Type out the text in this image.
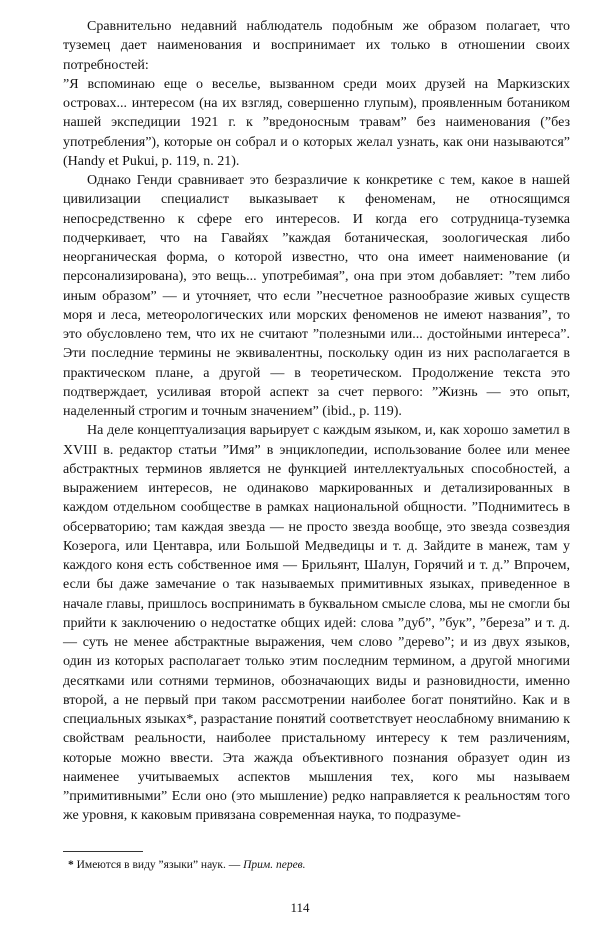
Сравнительно недавний наблюдатель подобным же образом полагает, что туземец дает наименования и воспринимает их только в отношении своих потребностей:

”Я вспоминаю еще о веселье, вызванном среди моих друзей на Маркизских островах... интересом (на их взгляд, совершенно глупым), проявленным ботаником нашей экспедиции 1921 г. к ”вредоносным травам” без наименования (”без употребления”), которые он собрал и о которых желал узнать, как они называются” (Handy et Pukui, p. 119, n. 21).

Однако Генди сравнивает это безразличие к конкретике с тем, какое в нашей цивилизации специалист выказывает к феноменам, не относящимся непосредственно к сфере его интересов. И когда его сотрудница-туземка подчеркивает, что на Гавайях ”каждая ботаническая, зоологическая либо неорганическая форма, о которой известно, что она имеет наименование (и персонализирована), это вещь... употребимая”, она при этом добавляет: ”тем либо иным образом” — и уточняет, что если ”несчетное разнообразие живых существ моря и леса, метеорологических или морских феноменов не имеют названия”, то это обусловлено тем, что их не считают ”полезными или... достойными интереса”. Эти последние термины не эквивалентны, поскольку один из них располагается в практическом плане, а другой — в теоретическом. Продолжение текста это подтверждает, усиливая второй аспект за счет первого: ”Жизнь — это опыт, наделенный строгим и точным значением” (ibid., p. 119).

На деле концептуализация варьирует с каждым языком, и, как хорошо заметил в XVIII в. редактор статьи ”Имя” в энциклопедии, использование более или менее абстрактных терминов является не функцией интеллектуальных способностей, а выражением интересов, не одинаково маркированных и детализированных в каждом отдельном сообществе в рамках национальной общности. ”Поднимитесь в обсерваторию; там каждая звезда — не просто звезда вообще, это звезда созвездия Козерога, или Центавра, или Большой Медведицы и т. д. Зайдите в манеж, там у каждого коня есть собственное имя — Брильянт, Шалун, Горячий и т. д.” Впрочем, если бы даже замечание о так называемых примитивных языках, приведенное в начале главы, пришлось воспринимать в буквальном смысле слова, мы не смогли бы прийти к заключению о недостатке общих идей: слова ”дуб”, ”бук”, ”береза” и т. д. — суть не менее абстрактные выражения, чем слово ”дерево”; и из двух языков, один из которых располагает только этим последним термином, а другой многими десятками или сотнями терминов, обозначающих виды и разновидности, именно второй, а не первый при таком рассмотрении наиболее богат понятийно. Как и в специальных языках*, разрастание понятий соответствует неослабному вниманию к свойствам реальности, наиболее пристальному интересу к тем различениям, которые можно ввести. Эта жажда объективного познания образует один из наименее учитываемых аспектов мышления тех, кого мы называем ”примитивными” Если оно (это мышление) редко направляется к реальностям того же уровня, к каковым привязана современная наука, то подразуме-

* Имеются в виду ”языки” наук. — Прим. перев.
114
